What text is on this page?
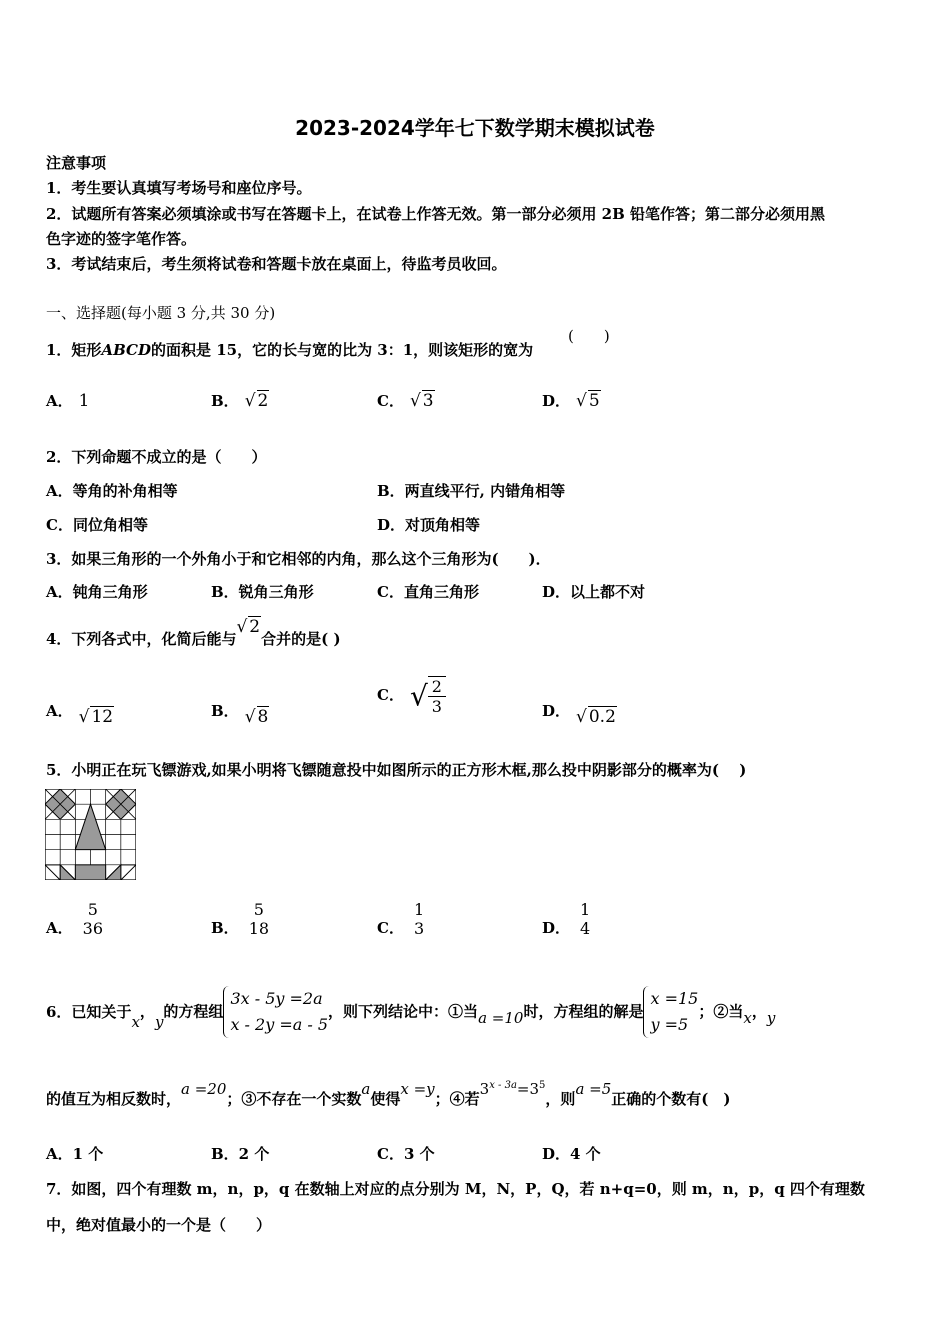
2023-2024学年七下数学期末模拟试卷
注意事项
1．考生要认真填写考场号和座位序号。
2．试题所有答案必须填涂或书写在答题卡上，在试卷上作答无效。第一部分必须用 2B 铅笔作答；第二部分必须用黑
色字迹的签字笔作答。
3．考试结束后，考生须将试卷和答题卡放在桌面上，待监考员收回。
一、选择题(每小题 3 分,共 30 分)
1．矩形ABCD的面积是 15，它的长与宽的比为 3：1，则该矩形的宽为
(　　)
A． 1	B． √ 2	C． √ 3	D． √ 5
2．下列命题不成立的是（　　）
A．等角的补角相等	B．两直线平行, 内错角相等
C．同位角相等	D．对顶角相等
3．如果三角形的一个外角小于和它相邻的内角，那么这个三角形为(　　)．
A．钝角三角形	B．锐角三角形	C．直角三角形	D．以上都不对
4．下列各式中，化简后能与√ 2合并的是( )
A． √ 12	B． √ 8
C． √ $\frac{2}{3}$	D． √ 0.2
5．小明正在玩飞镖游戏,如果小明将飞镖随意投中如图所示的正方形木框,那么投中阴影部分的概率为(　 )
A．
5
36	B．
5
18	C．
1
3	D．
1
4
6．已知关于x，y的方程组
3x - 5y =2a
x - 2y =a - 5
，则下列结论中：①当a =10时，方程组的解是
x =15
y =5
；②当x，y
的值互为相反数时，a =20；③不存在一个实数a使得x =y；④若$3^{x - 3a}=3^5$，则a =5正确的个数有(　)
A．1 个	B．2 个	C．3 个	D．4 个
7．如图，四个有理数 m，n，p，q 在数轴上对应的点分别为 M，N，P，Q，若 n+q=0，则 m，n，p，q 四个有理数
中，绝对值最小的一个是（　　）
